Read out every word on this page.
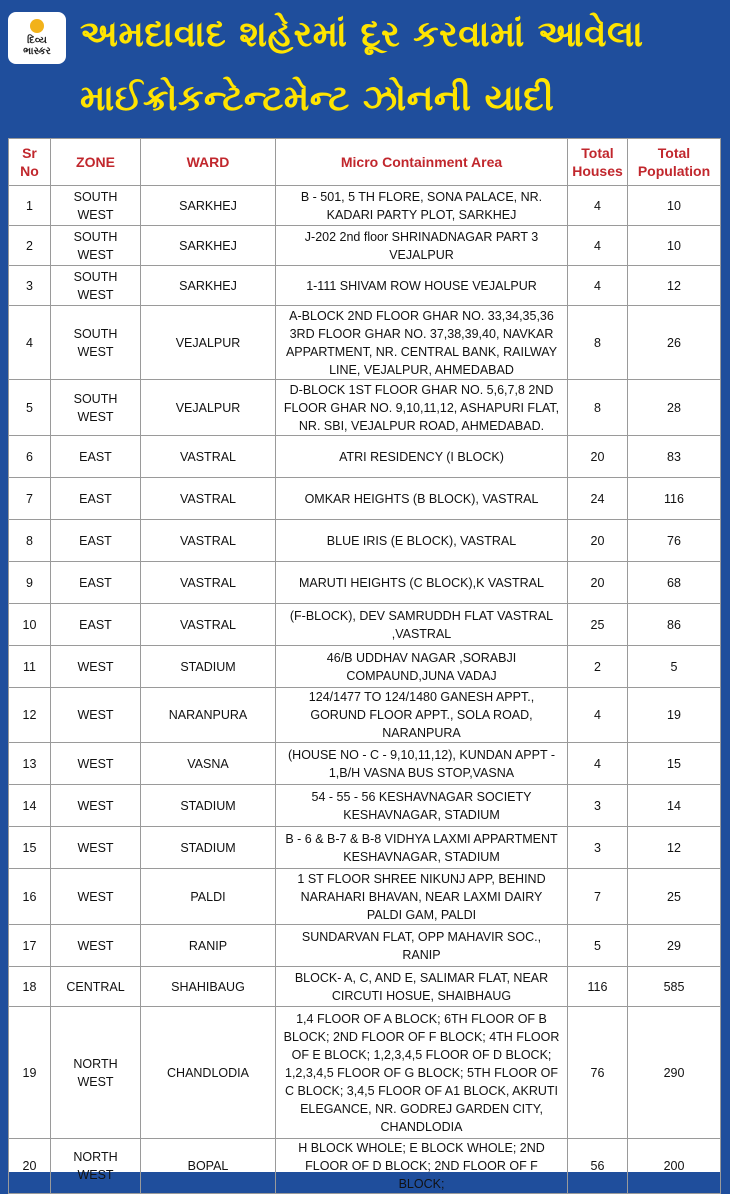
દિવ્ય
ભાસ્કર અમદાવાદ શહેરમાં દૂર કરવામાં આવેલા
માઈક્રોકન્ટેન્ટમેન્ટ ઝોનની યાદી
Sr No	ZONE	WARD	Micro Containment Area	Total Houses	Total Population
1	SOUTH WEST	SARKHEJ	B - 501, 5 TH FLORE, SONA PALACE, NR. KADARI PARTY PLOT, SARKHEJ	4	10
2	SOUTH WEST	SARKHEJ	J-202 2nd floor SHRINADNAGAR PART 3 VEJALPUR	4	10
3	SOUTH WEST	SARKHEJ	1-111 SHIVAM ROW HOUSE VEJALPUR	4	12
4	SOUTH WEST	VEJALPUR	A-BLOCK 2ND FLOOR GHAR NO. 33,34,35,36 3RD FLOOR GHAR NO. 37,38,39,40, NAVKAR APPARTMENT, NR. CENTRAL BANK, RAILWAY LINE, VEJALPUR, AHMEDABAD	8	26
5	SOUTH WEST	VEJALPUR	D-BLOCK 1ST FLOOR GHAR NO. 5,6,7,8 2ND FLOOR GHAR NO. 9,10,11,12, ASHAPURI FLAT, NR. SBI, VEJALPUR ROAD, AHMEDABAD.	8	28
6	EAST	VASTRAL	ATRI RESIDENCY (I BLOCK)	20	83
7	EAST	VASTRAL	OMKAR HEIGHTS (B BLOCK), VASTRAL	24	116
8	EAST	VASTRAL	BLUE IRIS (E BLOCK), VASTRAL	20	76
9	EAST	VASTRAL	MARUTI HEIGHTS (C BLOCK),K VASTRAL	20	68
10	EAST	VASTRAL	(F-BLOCK), DEV SAMRUDDH FLAT VASTRAL ,VASTRAL	25	86
11	WEST	STADIUM	46/B UDDHAV NAGAR ,SORABJI COMPAUND,JUNA VADAJ	2	5
12	WEST	NARANPURA	124/1477 TO 124/1480 GANESH APPT., GORUND FLOOR APPT., SOLA ROAD, NARANPURA	4	19
13	WEST	VASNA	(HOUSE NO - C - 9,10,11,12), KUNDAN APPT - 1,B/H VASNA BUS STOP,VASNA	4	15
14	WEST	STADIUM	54 - 55 - 56 KESHAVNAGAR SOCIETY KESHAVNAGAR, STADIUM	3	14
15	WEST	STADIUM	B - 6 & B-7 & B-8 VIDHYA LAXMI APPARTMENT KESHAVNAGAR, STADIUM	3	12
16	WEST	PALDI	1 ST FLOOR SHREE NIKUNJ APP, BEHIND NARAHARI BHAVAN, NEAR LAXMI DAIRY PALDI GAM, PALDI	7	25
17	WEST	RANIP	SUNDARVAN FLAT, OPP MAHAVIR SOC., RANIP	5	29
18	CENTRAL	SHAHIBAUG	BLOCK- A, C, AND E, SALIMAR FLAT, NEAR CIRCUTI HOSUE, SHAIBHAUG	116	585
19	NORTH WEST	CHANDLODIA	1,4 FLOOR OF A BLOCK; 6TH FLOOR OF B BLOCK; 2ND FLOOR OF F BLOCK; 4TH FLOOR OF E BLOCK; 1,2,3,4,5 FLOOR OF D BLOCK; 1,2,3,4,5 FLOOR OF G BLOCK; 5TH FLOOR OF C BLOCK; 3,4,5 FLOOR OF A1 BLOCK, AKRUTI ELEGANCE, NR. GODREJ GARDEN CITY, CHANDLODIA	76	290
20	NORTH WEST	BOPAL	H BLOCK WHOLE; E BLOCK WHOLE; 2ND FLOOR OF D BLOCK; 2ND FLOOR OF F BLOCK;	56	200
